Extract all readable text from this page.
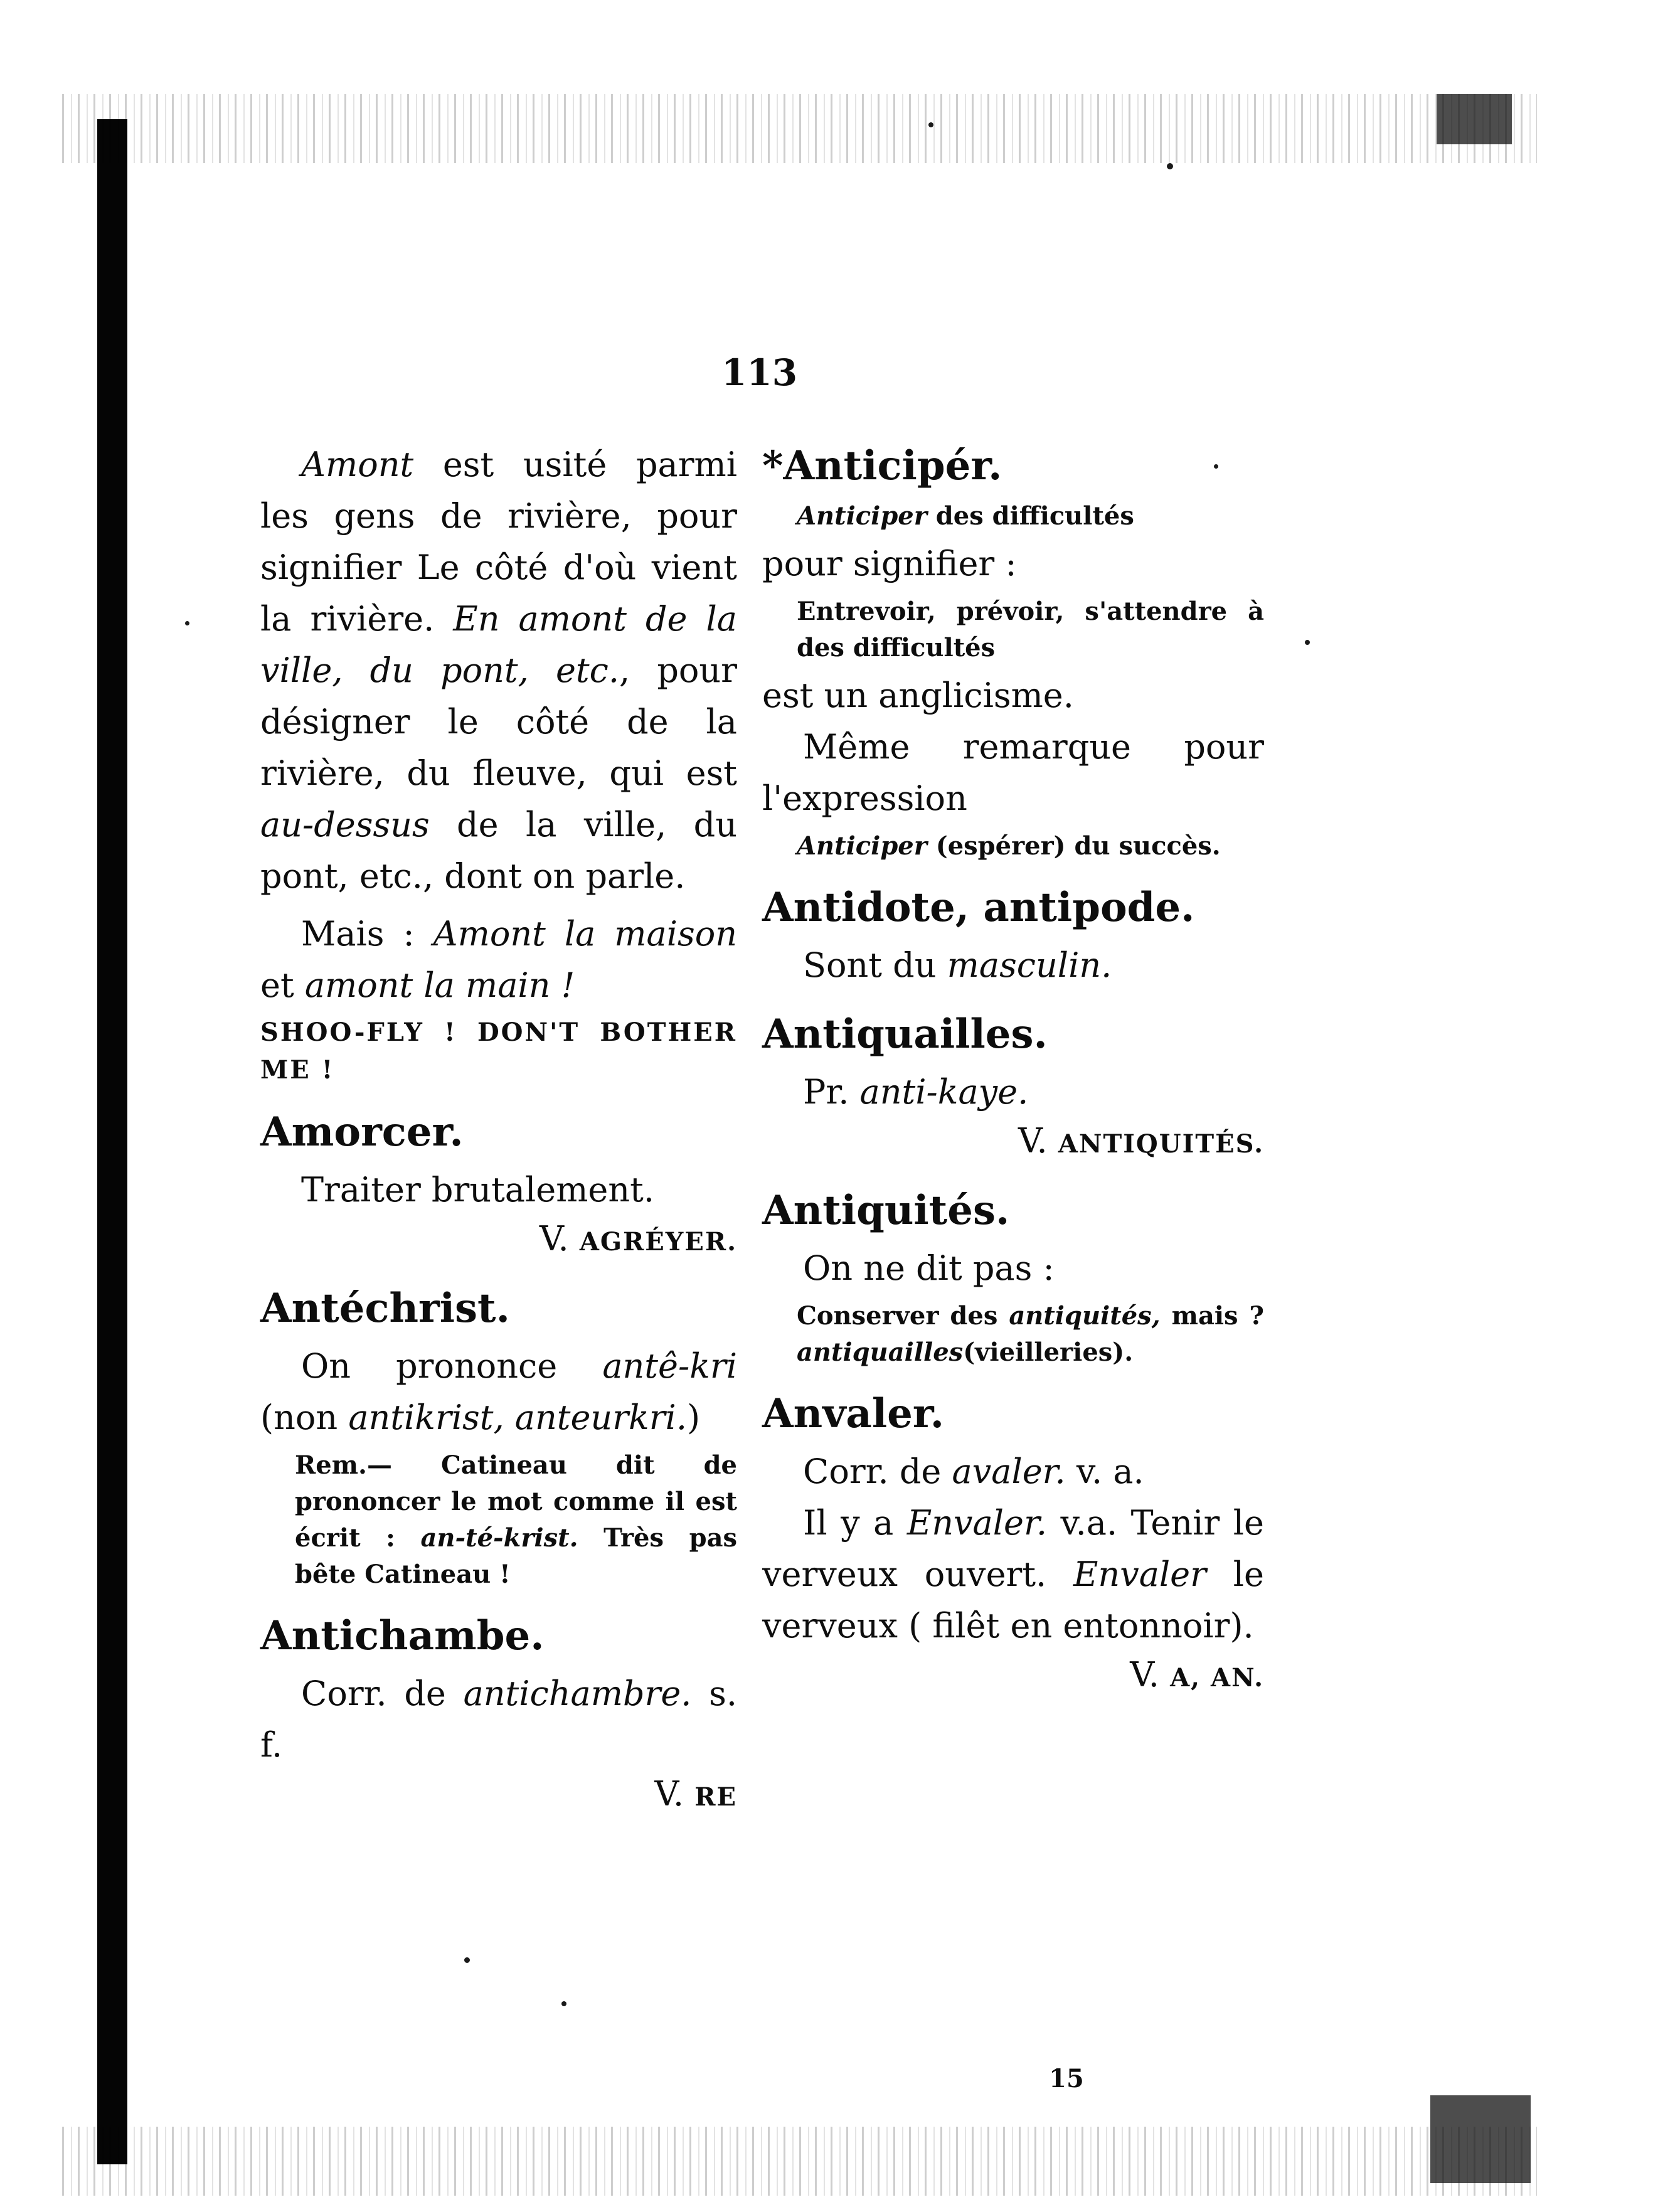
113

Amont est usité parmi les gens de rivière, pour signifier Le côté d'où vient la rivière. En amont de la ville, du pont, etc., pour désigner le côté de la rivière, du fleuve, qui est au-dessus de la ville, du pont, etc., dont on parle.

Mais : Amont la maison et amont la main !

SHOO-FLY ! DON'T BOTHER ME !

Amorcer.

Traiter brutalement.

V. AGRÉYER.

Antéchrist.

On prononce antê-kri (non antikrist, anteurkri.)

Rem.— Catineau dit de prononcer le mot comme il est écrit : an-té-krist. Très pas bête Catineau !

Antichambe.

Corr. de antichambre. s. f.

V. RE

*Anticipér.

Anticiper des difficultés

pour signifier :

Entrevoir, prévoir, s'attendre à des difficultés

est un anglicisme.

Même remarque pour l'expression

Anticiper (espérer) du succès.

Antidote, antipode.

Sont du masculin.

Antiquailles.

Pr. anti-kaye.

V. ANTIQUITÉS.

Antiquités.

On ne dit pas :

Conserver des antiquités, mais ? antiquailles(vieilleries).

Anvaler.

Corr. de avaler. v. a.

Il y a Envaler. v.a. Tenir le verveux ouvert. Envaler le verveux ( filêt en entonnoir).

V. A, AN.

15
